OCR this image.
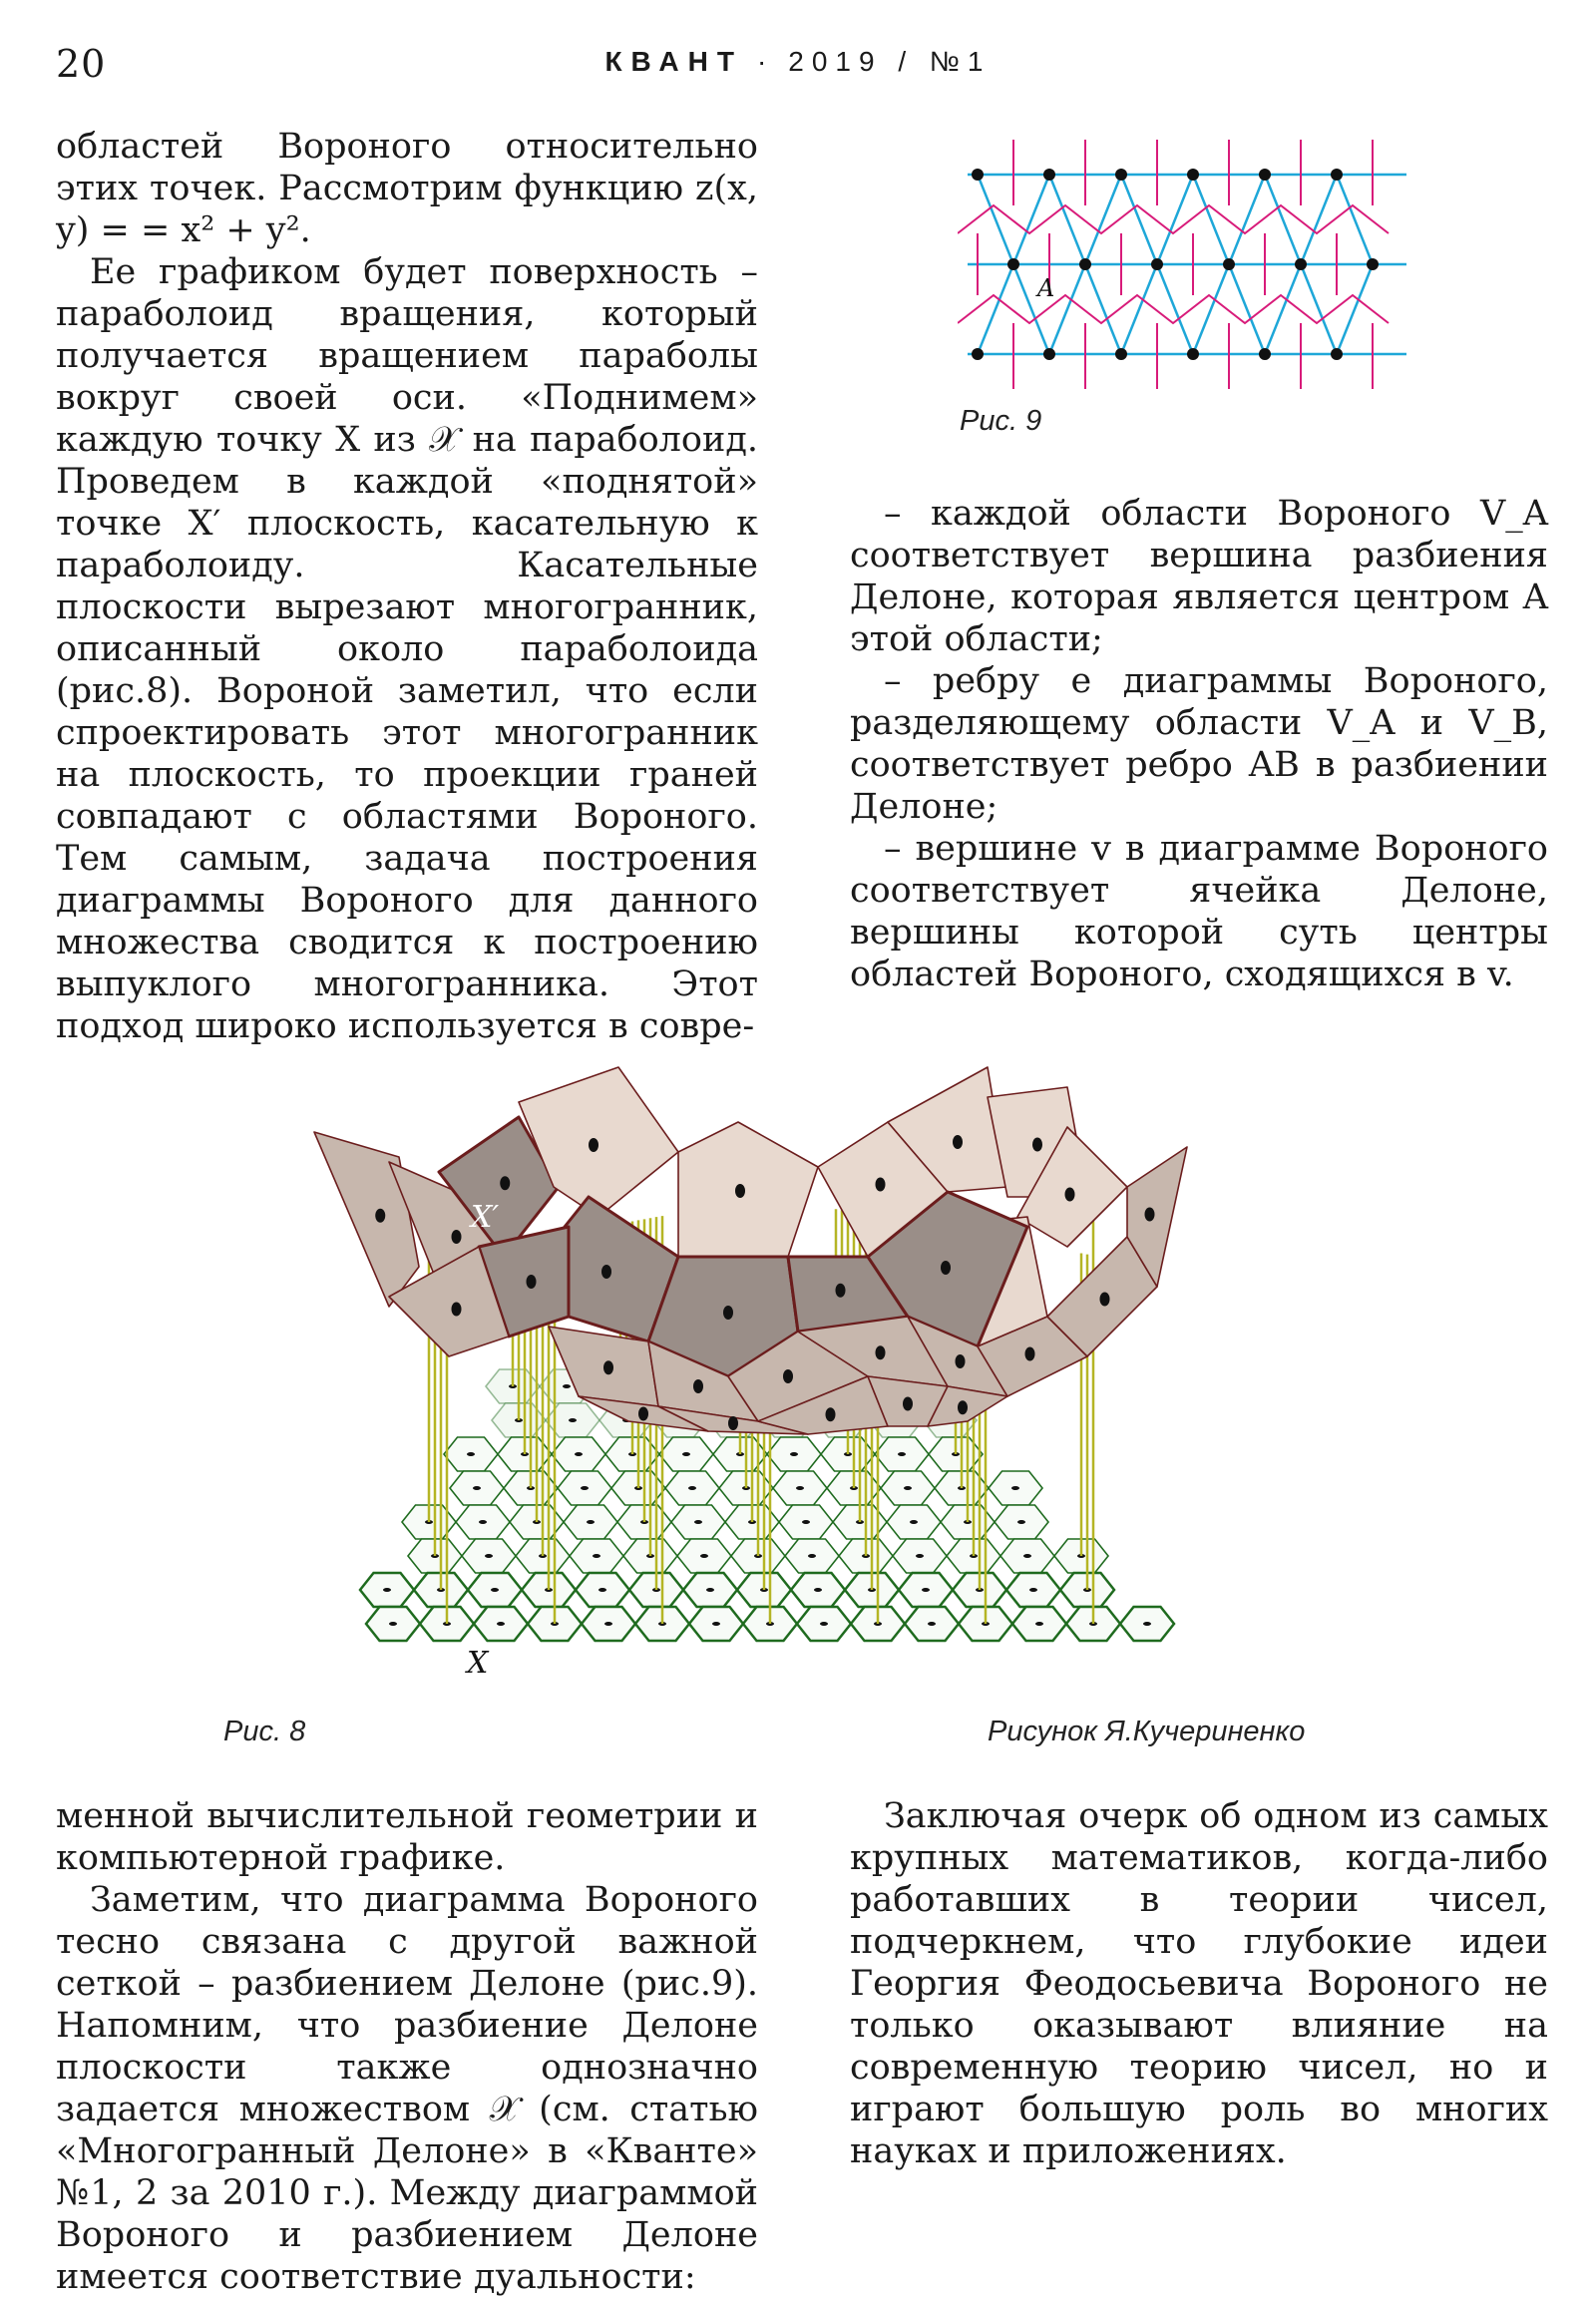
20	КВАНТ · 2019 / №1

областей Вороного относительно этих точек. Рассмотрим функцию z(x, y) = = x² + y².

Ее графиком будет поверхность – параболоид вращения, который получается вращением параболы вокруг своей оси. «Поднимем» каждую точку X из 𝒳 на параболоид. Проведем в каждой «поднятой» точке X′ плоскость, касательную к параболоиду. Касательные плоскости вырезают многогранник, описанный около параболоида (рис.8). Вороной заметил, что если спроектировать этот многогранник на плоскость, то проекции граней совпадают с областями Вороного. Тем самым, задача построения диаграммы Вороного для данного множества сводится к построению выпуклого многогранника. Этот подход широко используется в совре-

A
Рис. 9

– каждой области Вороного V_A соответствует вершина разбиения Делоне, которая является центром A этой области;

– ребру e диаграммы Вороного, разделяющему области V_A и V_B, соответствует ребро AB в разбиении Делоне;

– вершине v в диаграмме Вороного соответствует ячейка Делоне, вершины которой суть центры областей Вороного, сходящихся в v.

X′
X
Рис. 8	Рисунок Я.Кучериненко

менной вычислительной геометрии и компьютерной графике.

Заметим, что диаграмма Вороного тесно связана с другой важной сеткой – разбиением Делоне (рис.9). Напомним, что разбиение Делоне плоскости также однозначно задается множеством 𝒳 (см. статью «Многогранный Делоне» в «Кванте» №1, 2 за 2010 г.). Между диаграммой Вороного и разбиением Делоне имеется соответствие дуальности:

Заключая очерк об одном из самых крупных математиков, когда-либо работавших в теории чисел, подчеркнем, что глубокие идеи Георгия Феодосьевича Вороного не только оказывают влияние на современную теорию чисел, но и играют большую роль во многих науках и приложениях.
